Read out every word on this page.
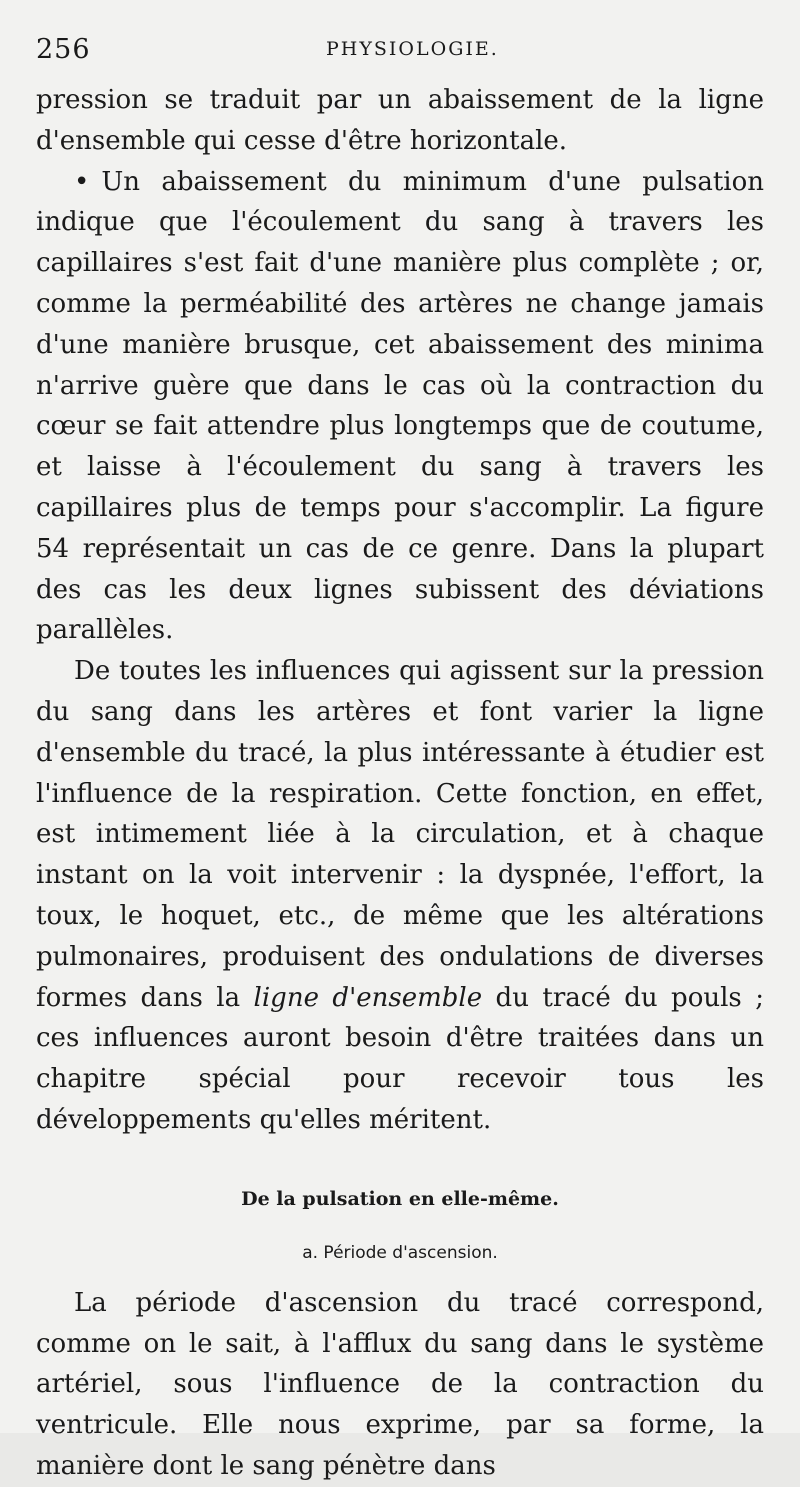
256	PHYSIOLOGIE.

pression se traduit par un abaissement de la ligne d'ensemble qui cesse d'être horizontale.

• Un abaissement du minimum d'une pulsation indique que l'écoulement du sang à travers les capillaires s'est fait d'une manière plus complète ; or, comme la perméabilité des artères ne change jamais d'une manière brusque, cet abaissement des minima n'arrive guère que dans le cas où la contraction du cœur se fait attendre plus longtemps que de coutume, et laisse à l'écoulement du sang à travers les capillaires plus de temps pour s'accomplir. La figure 54 représentait un cas de ce genre. Dans la plupart des cas les deux lignes subissent des déviations parallèles.

De toutes les influences qui agissent sur la pression du sang dans les artères et font varier la ligne d'ensemble du tracé, la plus intéressante à étudier est l'influence de la respiration. Cette fonction, en effet, est intimement liée à la circulation, et à chaque instant on la voit intervenir : la dyspnée, l'effort, la toux, le hoquet, etc., de même que les altérations pulmonaires, produisent des ondulations de diverses formes dans la ligne d'ensemble du tracé du pouls ; ces influences auront besoin d'être traitées dans un chapitre spécial pour recevoir tous les développements qu'elles méritent.

De la pulsation en elle-même.

a. Période d'ascension.

La période d'ascension du tracé correspond, comme on le sait, à l'afflux du sang dans le système artériel, sous l'influence de la contraction du ventricule. Elle nous exprime, par sa forme, la manière dont le sang pénètre dans
